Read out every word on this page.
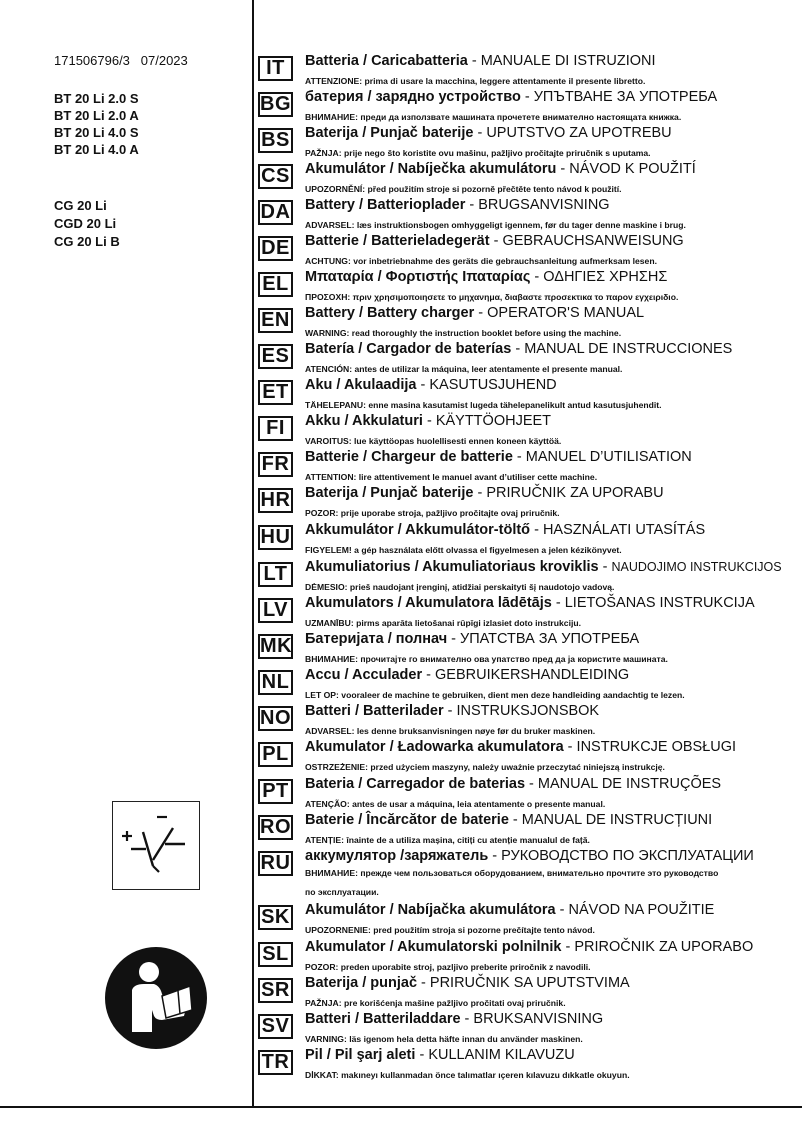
171506796/3 07/2023
BT 20 Li 2.0 S
BT 20 Li 2.0 A
BT 20 Li 4.0 S
BT 20 Li 4.0 A
CG 20 Li
CGD 20 Li
CG 20 Li B
IT	Batteria / Caricabatteria - MANUALE DI ISTRUZIONI
ATTENZIONE: prima di usare la macchina, leggere attentamente il presente libretto.
BG батерия / зарядно устройство - УПЪТВАНЕ ЗА УПОТРЕБА
ВНИМАНИЕ: преди да използвате машината прочетете внимателно настоящата книжка.
BS Baterija / Punjač baterije - UPUTSTVO ZA UPOTREBU
PAŽNJA: prije nego što koristite ovu mašinu, pažljivo pročitajte priručnik s uputama.
CS Akumulátor / Nabíječka akumulátoru - NÁVOD K POUŽITÍ
UPOZORNĚNÍ: před použitím stroje si pozorně přečtěte tento návod k použití.
DA Battery / Batterioplader - BRUGSANVISNING
ADVARSEL: læs instruktionsbogen omhyggeligt igennem, før du tager denne maskine i brug.
DE Batterie / Batterieladegerät - GEBRAUCHSANWEISUNG
ACHTUNG: vor inbetriebnahme des geräts die gebrauchsanleitung aufmerksam lesen.
EL Μπαταρία / Φορτιστής Ιπαταρίας - ΟΔΗΓΙΕΣ ΧΡΗΣΗΣ
ΠΡΟΣΟΧΗ: πριν χρησιμοποιησετε το μηχανημα, διαβαστε προσεκτικα το παρον εγχειριδιο.
EN Battery / Battery charger - OPERATOR'S MANUAL
WARNING: read thoroughly the instruction booklet before using the machine.
ES Batería / Cargador de baterías - MANUAL DE INSTRUCCIONES
ATENCIÓN: antes de utilizar la máquina, leer atentamente el presente manual.
ET Aku / Akulaadija - KASUTUSJUHEND
TÄHELEPANU: enne masina kasutamist lugeda tähelepanelikult antud kasutusjuhendit.
FI	Akku / Akkulaturi - KÄYTTÖOHJEET
VAROITUS: lue käyttöopas huolellisesti ennen koneen käyttöä.
FR Batterie / Chargeur de batterie - MANUEL D’UTILISATION
ATTENTION: lire attentivement le manuel avant d’utiliser cette machine.
HR Baterija / Punjač baterije - PRIRUČNIK ZA UPORABU
POZOR: prije uporabe stroja, pažljivo pročitajte ovaj priručnik.
HU Akkumulátor / Akkumulátor-töltő - HASZNÁLATI UTASÍTÁS
FIGYELEM! a gép használata előtt olvassa el figyelmesen a jelen kézikönyvet.
LT	Akumuliatorius / Akumuliatoriaus kroviklis - NAUDOJIMO INSTRUKCIJOS
DĖMESIO: prieš naudojant įrenginį, atidžiai perskaityti šį naudotojo vadovą.
LV	Akumulators / Akumulatora lādētājs - LIETOŠANAS INSTRUKCIJA
UZMANĪBU: pirms aparāta lietošanai rūpīgi izlasiet doto instrukciju.
MK Батеријата / полнач - УПАТСТВА ЗА УПОТРЕБА
ВНИМАНИЕ: прочитајте го внимателно ова упатство пред да ја користите машината.
NL Accu / Acculader - GEBRUIKERSHANDLEIDING
LET OP: vooraleer de machine te gebruiken, dient men deze handleiding aandachtig te lezen.
NO Batteri / Batterilader - INSTRUKSJONSBOK
ADVARSEL: les denne bruksanvisningen nøye før du bruker maskinen.
PL Akumulator / Ładowarka akumulatora - INSTRUKCJE OBSŁUGI
OSTRZEŻENIE: przed użyciem maszyny, należy uważnie przeczytać niniejszą instrukcję.
PT Bateria / Carregador de baterias - MANUAL DE INSTRUÇÕES
ATENÇÃO: antes de usar a máquina, leia atentamente o presente manual.
RO Baterie / Încărcător de baterie - MANUAL DE INSTRUCȚIUNI
ATENȚIE: înainte de a utiliza mașina, citiți cu atenție manualul de față.
RU аккумулятор /заряжатель - РУКОВОДСТВО ПО ЭКСПЛУАТАЦИИ
ВНИМАНИЕ: прежде чем пользоваться оборудованием, внимательно прочтите это руководство по эксплуатации.
SK Akumulátor / Nabíjačka akumulátora - NÁVOD NA POUŽITIE
UPOZORNENIE: pred použitím stroja si pozorne prečítajte tento návod.
SL Akumulator / Akumulatorski polnilnik - PRIROČNIK ZA UPORABO
POZOR: preden uporabite stroj, pazljivo preberite priročnik z navodili.
SR Baterija / punjač - PRIRUČNIK SA UPUTSTVIMA
PAŽNJA: pre korišćenja mašine pažljivo pročitati ovaj priručnik.
SV Batteri / Batteriladdare - BRUKSANVISNING
VARNING: läs igenom hela detta häfte innan du använder maskinen.
TR Pil / Pil şarj aleti - KULLANIM KILAVUZU
DİKKAT: makıneyı kullanmadan önce talımatlar ıçeren kılavuzu dıkkatle okuyun.
